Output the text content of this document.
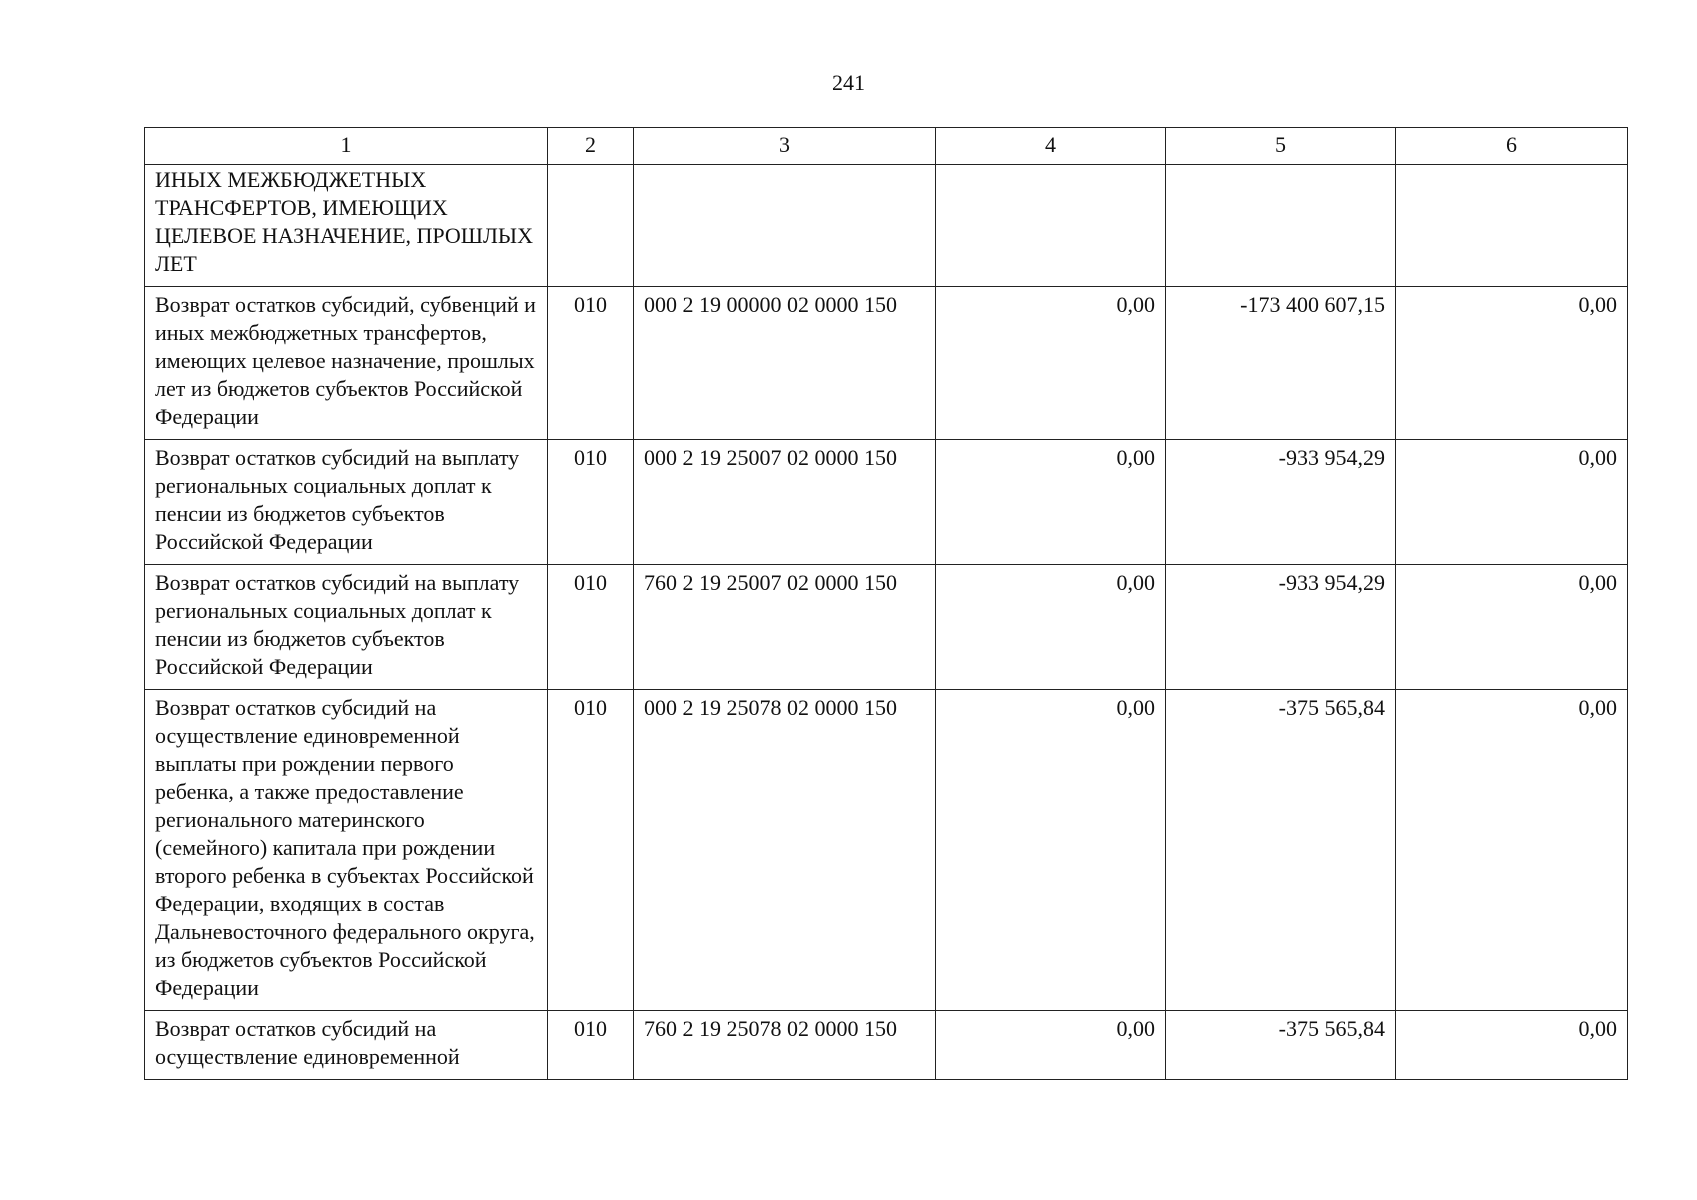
241
1	2	3	4	5	6
ИНЫХ МЕЖБЮДЖЕТНЫХ ТРАНСФЕРТОВ, ИМЕЮЩИХ ЦЕЛЕВОЕ НАЗНАЧЕНИЕ, ПРОШЛЫХ ЛЕТ					
Возврат остатков субсидий, субвенций и иных межбюджетных трансфертов, имеющих целевое назначение, прошлых лет из бюджетов субъектов Российской Федерации	010	000 2 19 00000 02 0000 150	0,00	-173 400 607,15	0,00
Возврат остатков субсидий на выплату региональных социальных доплат к пенсии из бюджетов субъектов Российской Федерации	010	000 2 19 25007 02 0000 150	0,00	-933 954,29	0,00
Возврат остатков субсидий на выплату региональных социальных доплат к пенсии из бюджетов субъектов Российской Федерации	010	760 2 19 25007 02 0000 150	0,00	-933 954,29	0,00
Возврат остатков субсидий на осуществление единовременной выплаты при рождении первого ребенка, а также предоставление регионального материнского (семейного) капитала при рождении второго ребенка в субъектах Российской Федерации, входящих в состав Дальневосточного федерального округа, из бюджетов субъектов Российской Федерации	010	000 2 19 25078 02 0000 150	0,00	-375 565,84	0,00
Возврат остатков субсидий на осуществление единовременной	010	760 2 19 25078 02 0000 150	0,00	-375 565,84	0,00
